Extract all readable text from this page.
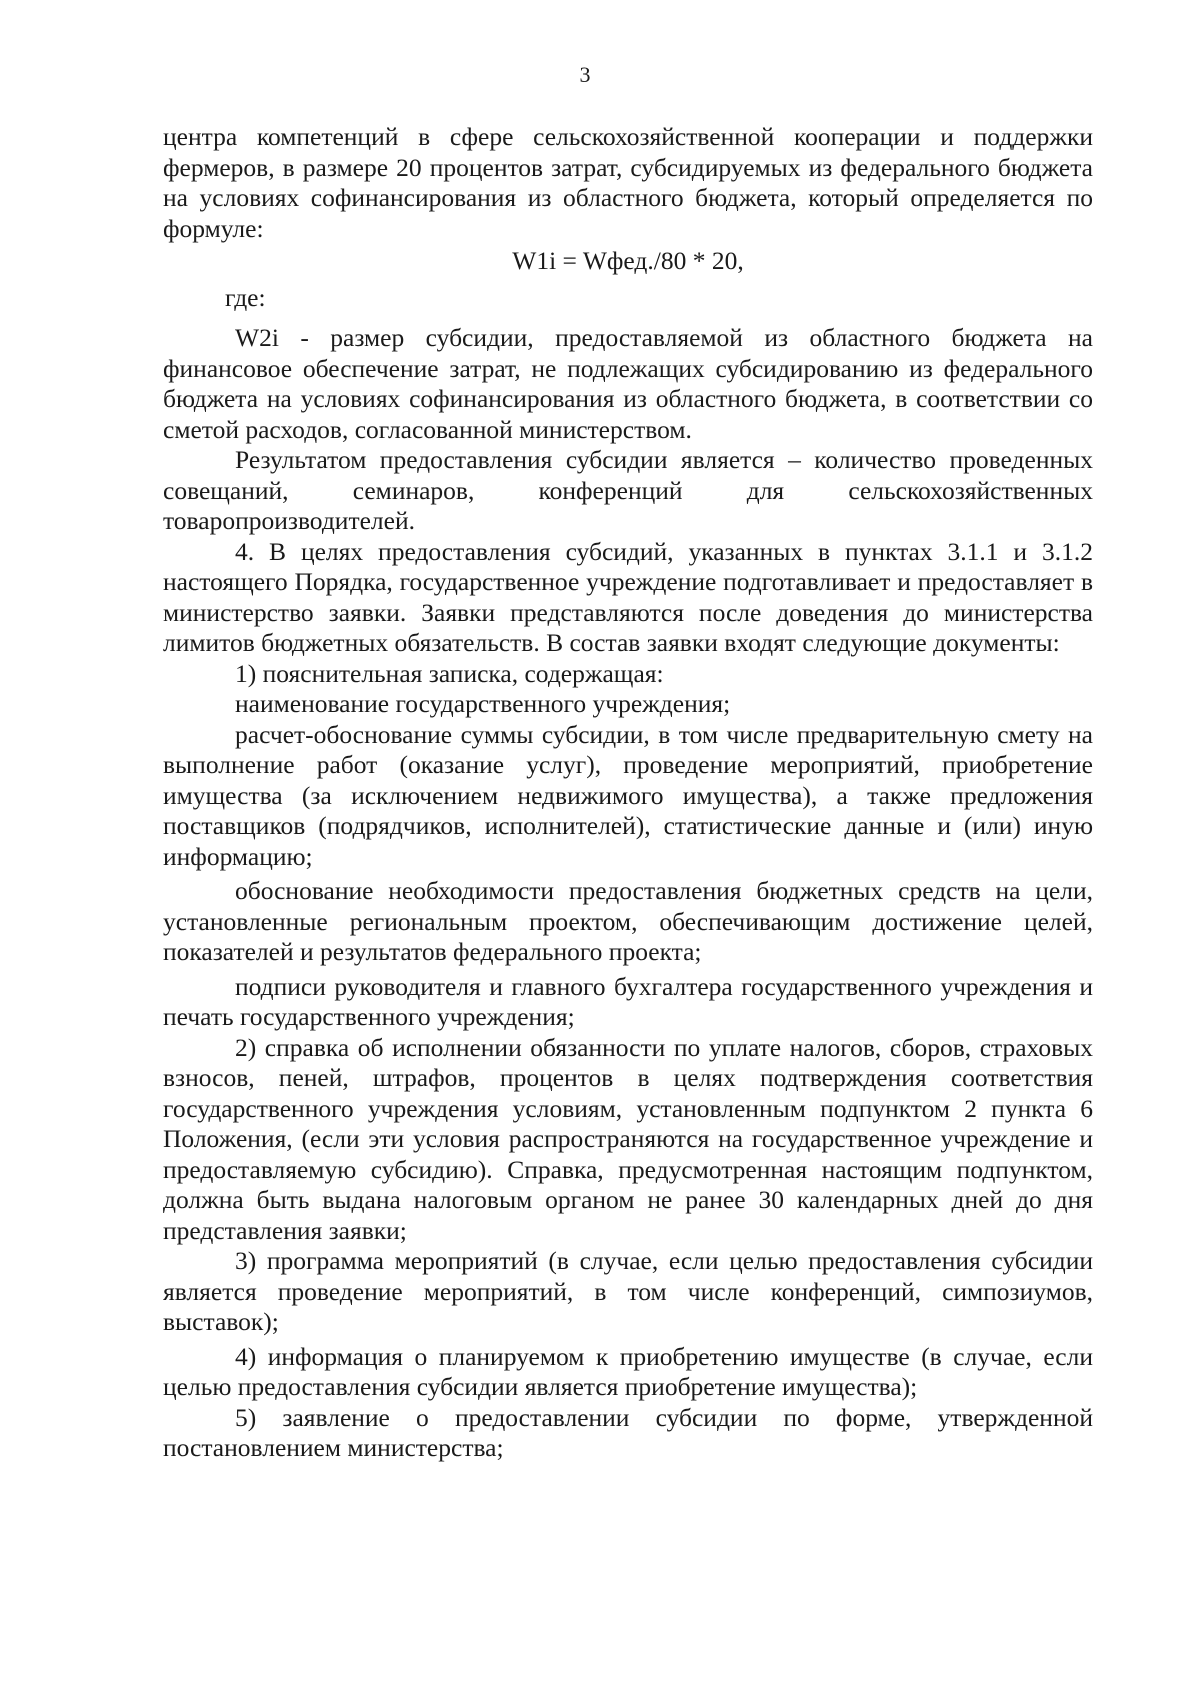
3

центра компетенций в сфере сельскохозяйственной кооперации и поддержки фермеров, в размере 20 процентов затрат, субсидируемых из федерального бюджета на условиях софинансирования из областного бюджета, который определяется по формуле:

W1i = Wфед./80 * 20,

где:

W2i - размер субсидии, предоставляемой из областного бюджета на финансовое обеспечение затрат, не подлежащих субсидированию из федерального бюджета на условиях софинансирования из областного бюджета, в соответствии со сметой расходов, согласованной министерством.

Результатом предоставления субсидии является – количество проведенных совещаний, семинаров, конференций для сельскохозяйственных товаропроизводителей.

4. В целях предоставления субсидий, указанных в пунктах 3.1.1 и 3.1.2 настоящего Порядка, государственное учреждение подготавливает и предоставляет в министерство заявки. Заявки представляются после доведения до министерства лимитов бюджетных обязательств. В состав заявки входят следующие документы:

1) пояснительная записка, содержащая:

наименование государственного учреждения;

расчет-обоснование суммы субсидии, в том числе предварительную смету на выполнение работ (оказание услуг), проведение мероприятий, приобретение имущества (за исключением недвижимого имущества), а также предложения поставщиков (подрядчиков, исполнителей), статистические данные и (или) иную информацию;

обоснование необходимости предоставления бюджетных средств на цели, установленные региональным проектом, обеспечивающим достижение целей, показателей и результатов федерального проекта;

подписи руководителя и главного бухгалтера государственного учреждения и печать государственного учреждения;

2) справка об исполнении обязанности по уплате налогов, сборов, страховых взносов, пеней, штрафов, процентов в целях подтверждения соответствия государственного учреждения условиям, установленным подпунктом 2 пункта 6 Положения, (если эти условия распространяются на государственное учреждение и предоставляемую субсидию). Справка, предусмотренная настоящим подпунктом, должна быть выдана налоговым органом не ранее 30 календарных дней до дня представления заявки;

3) программа мероприятий (в случае, если целью предоставления субсидии является проведение мероприятий, в том числе конференций, симпозиумов, выставок);

4) информация о планируемом к приобретению имуществе (в случае, если целью предоставления субсидии является приобретение имущества);

5) заявление о предоставлении субсидии по форме, утвержденной постановлением министерства;
